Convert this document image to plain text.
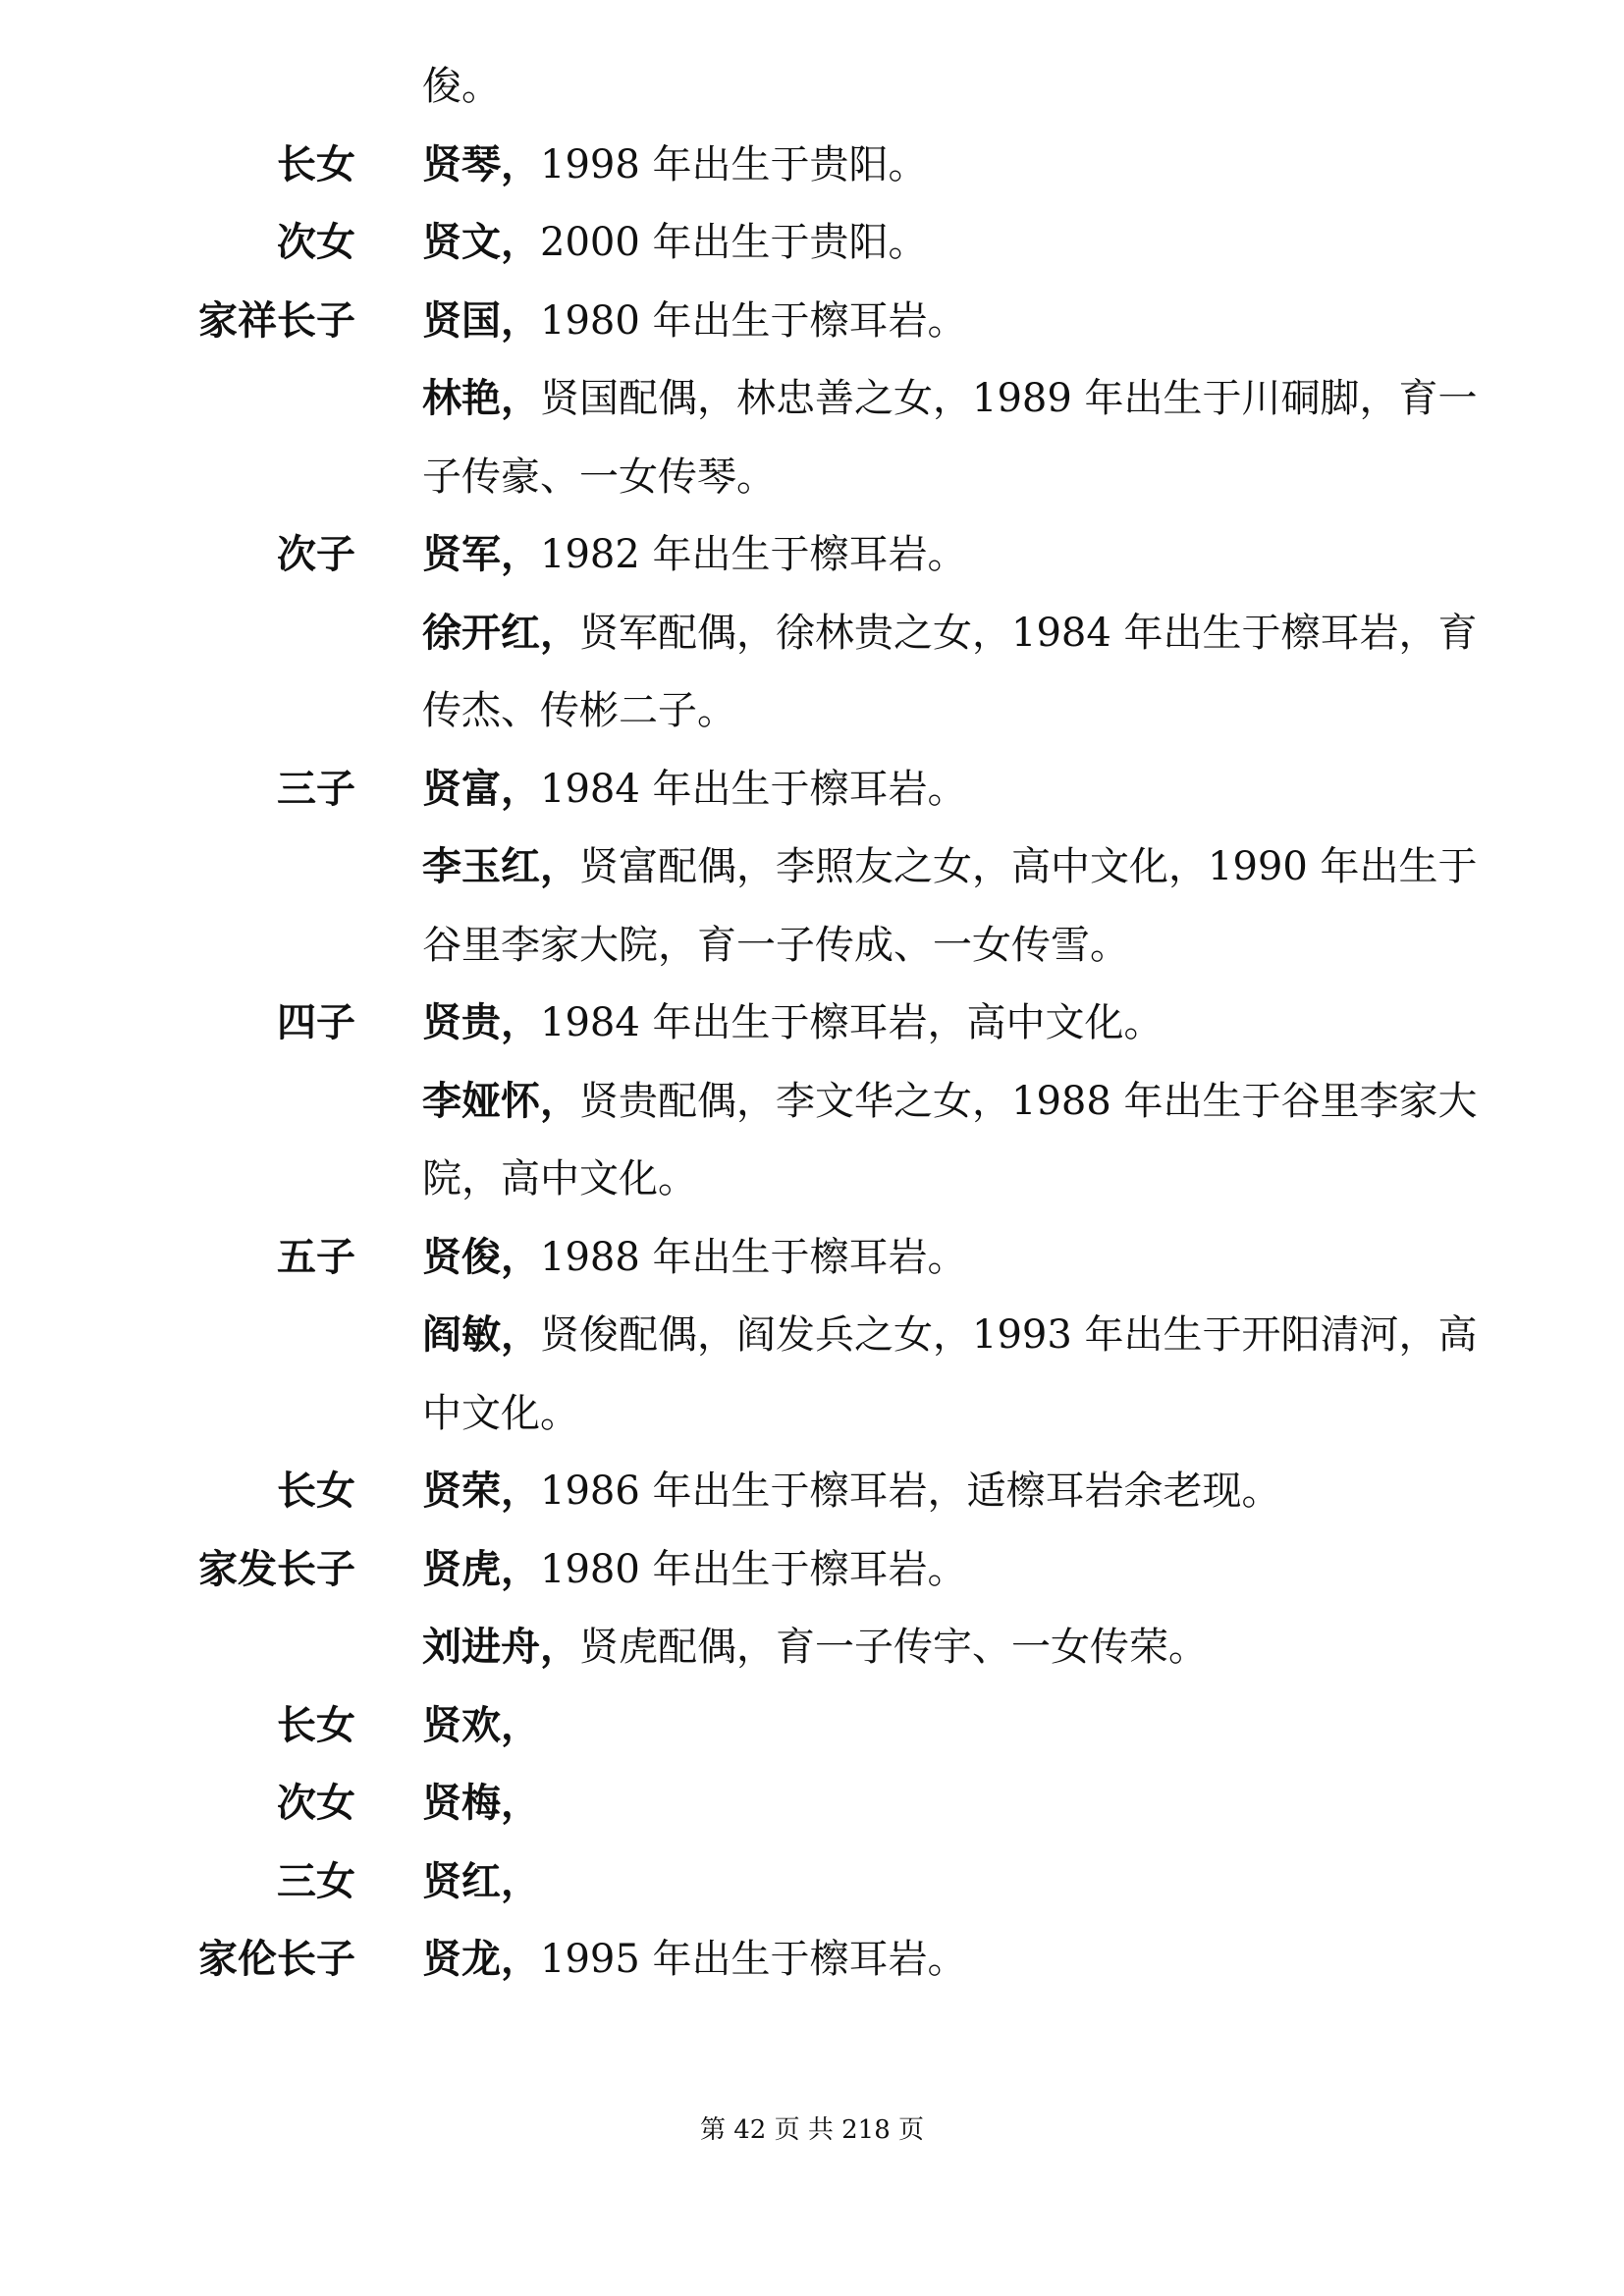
俊。
长女 贤琴，1998 年出生于贵阳。
次女 贤文，2000 年出生于贵阳。
家祥长子 贤国，1980 年出生于檫耳岩。
林艳，贤国配偶，林忠善之女，1989 年出生于川硐脚，育一
子传豪、一女传琴。
次子 贤军，1982 年出生于檫耳岩。
徐开红，贤军配偶，徐林贵之女，1984 年出生于檫耳岩，育
传杰、传彬二子。
三子 贤富，1984 年出生于檫耳岩。
李玉红，贤富配偶，李照友之女，高中文化，1990 年出生于
谷里李家大院，育一子传成、一女传雪。
四子 贤贵，1984 年出生于檫耳岩，高中文化。
李娅怀，贤贵配偶，李文华之女，1988 年出生于谷里李家大
院，高中文化。
五子 贤俊，1988 年出生于檫耳岩。
阎敏，贤俊配偶，阎发兵之女，1993 年出生于开阳清河，高
中文化。
长女 贤荣，1986 年出生于檫耳岩，适檫耳岩余老现。
家发长子 贤虎，1980 年出生于檫耳岩。
刘进舟，贤虎配偶，育一子传宇、一女传荣。
长女 贤欢，
次女 贤梅，
三女 贤红，
家伦长子 贤龙，1995 年出生于檫耳岩。
第 42 页 共 218 页
